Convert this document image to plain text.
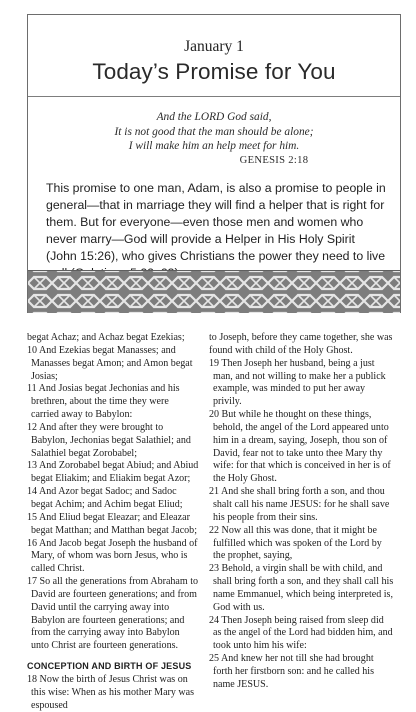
January 1
Today’s Promise for You
And the LORD God said,
It is not good that the man should be alone;
I will make him an help meet for him.
GENESIS 2:18
This promise to one man, Adam, is also a promise to people in general—that in marriage they will find a helper that is right for them. But for everyone—even those men and women who never marry—God will provide a Helper in His Holy Spirit (John 15:26), who gives Christians the power they need to live

begat Achaz; and Achaz begat Ezekias;

10 And Ezekias begat Manasses; and Manasses begat Amon; and Amon begat Josias;

11 And Josias begat Jechonias and his brethren, about the time they were carried away to Babylon:

12 And after they were brought to Babylon, Jechonias begat Salathiel; and Salathiel begat Zorobabel;

13 And Zorobabel begat Abiud; and Abiud begat Eliakim; and Eliakim begat Azor;

14 And Azor begat Sadoc; and Sadoc begat Achim; and Achim begat Eliud;

15 And Eliud begat Eleazar; and Eleazar begat Matthan; and Matthan begat Jacob;

16 And Jacob begat Joseph the husband of Mary, of whom was born Jesus, who is called Christ.

17 So all the generations from Abraham to David are fourteen generations; and from David until the carrying away into Babylon are fourteen generations; and from the carrying away into Babylon unto Christ are fourteen generations.

CONCEPTION AND BIRTH OF JESUS

18 Now the birth of Jesus Christ was on this wise: When as his mother Mary was espoused

to Joseph, before they came together, she was found with child of the Holy Ghost.

19 Then Joseph her husband, being a just man, and not willing to make her a publick example, was minded to put her away privily.

20 But while he thought on these things, behold, the angel of the Lord appeared unto him in a dream, saying, Joseph, thou son of David, fear not to take unto thee Mary thy wife: for that which is conceived in her is of the Holy Ghost.

21 And she shall bring forth a son, and thou shalt call his name JESUS: for he shall save his people from their sins.

22 Now all this was done, that it might be fulfilled which was spoken of the Lord by the prophet, saying,

23 Behold, a virgin shall be with child, and shall bring forth a son, and they shall call his name Emmanuel, which being interpreted is, God with us.

24 Then Joseph being raised from sleep did as the angel of the Lord had bidden him, and took unto him his wife:

25 And knew her not till she had brought forth her firstborn son: and he called his name JESUS.
